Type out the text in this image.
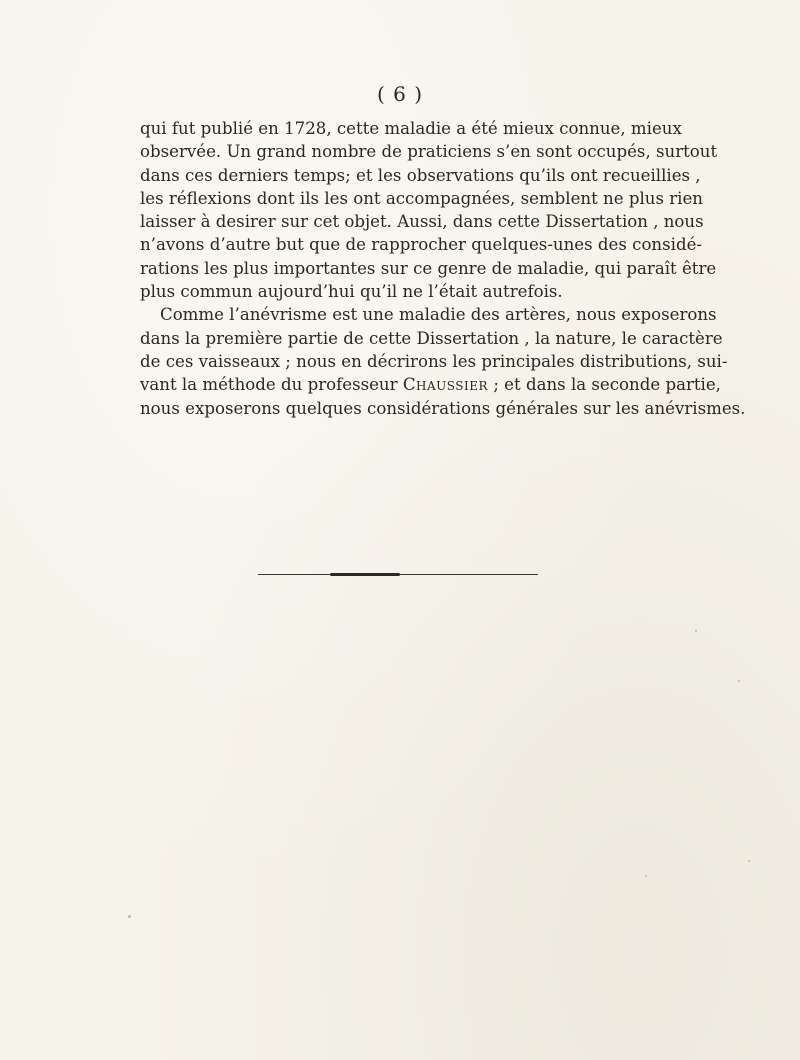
( 6 )
qui fut publié en 1728, cette maladie a été mieux connue, mieux
observée. Un grand nombre de praticiens s’en sont occupés, surtout
dans ces derniers temps; et les observations qu’ils ont recueillies ,
les réflexions dont ils les ont accompagnées, semblent ne plus rien
laisser à desirer sur cet objet. Aussi, dans cette Dissertation , nous
n’avons d’autre but que de rapprocher quelques-unes des considé-
rations les plus importantes sur ce genre de maladie, qui paraît être
plus commun aujourd’hui qu’il ne l’était autrefois.
Comme l’anévrisme est une maladie des artères, nous exposerons
dans la première partie de cette Dissertation , la nature, le caractère
de ces vaisseaux ; nous en décrirons les principales distributions, sui-
vant la méthode du professeur Chaussier ; et dans la seconde partie,
nous exposerons quelques considérations générales sur les anévrismes.
